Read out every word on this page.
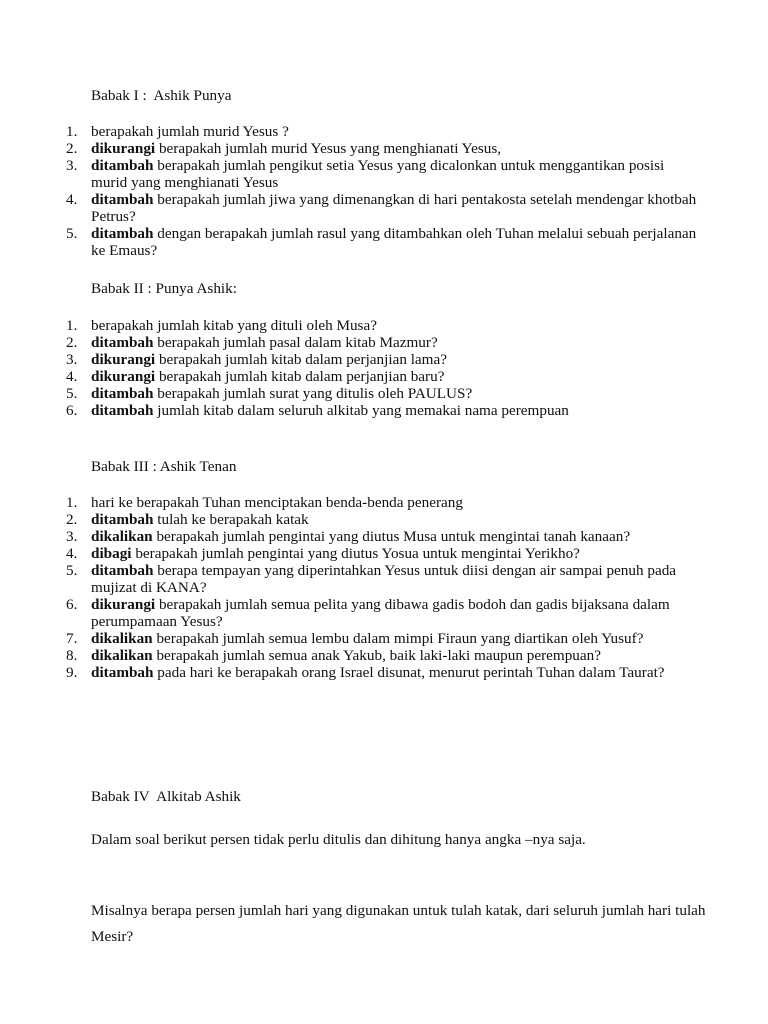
Babak I :  Ashik Punya
1. berapakah jumlah murid Yesus ?
2. dikurangi berapakah jumlah murid Yesus yang menghianati Yesus,
3. ditambah berapakah jumlah pengikut setia Yesus yang dicalonkan untuk menggantikan posisi murid yang menghianati Yesus
4. ditambah berapakah jumlah jiwa yang dimenangkan di hari pentakosta setelah mendengar khotbah Petrus?
5. ditambah dengan berapakah jumlah rasul yang ditambahkan oleh Tuhan melalui sebuah perjalanan ke Emaus?
Babak II : Punya Ashik:
1. berapakah jumlah kitab yang dituli oleh Musa?
2. ditambah berapakah jumlah pasal dalam kitab Mazmur?
3. dikurangi berapakah jumlah kitab dalam perjanjian lama?
4. dikurangi berapakah jumlah kitab dalam perjanjian baru?
5. ditambah berapakah jumlah surat yang ditulis oleh PAULUS?
6. ditambah jumlah kitab dalam seluruh alkitab yang memakai nama perempuan
Babak III : Ashik Tenan
1. hari ke berapakah Tuhan menciptakan benda-benda penerang
2. ditambah tulah ke berapakah katak
3. dikalikan berapakah jumlah pengintai yang diutus Musa untuk mengintai tanah kanaan?
4. dibagi berapakah jumlah pengintai yang diutus Yosua untuk mengintai Yerikho?
5. ditambah berapa tempayan yang diperintahkan Yesus untuk diisi dengan air sampai penuh pada mujizat di KANA?
6. dikurangi berapakah jumlah semua pelita yang dibawa gadis bodoh dan gadis bijaksana dalam perumpamaan Yesus?
7. dikalikan berapakah jumlah semua lembu dalam mimpi Firaun yang diartikan oleh Yusuf?
8. dikalikan berapakah jumlah semua anak Yakub, baik laki-laki maupun perempuan?
9. ditambah pada hari ke berapakah orang Israel disunat, menurut perintah Tuhan dalam Taurat?
Babak IV  Alkitab Ashik

Dalam soal berikut persen tidak perlu ditulis dan dihitung hanya angka –nya saja.

Misalnya berapa persen jumlah hari yang digunakan untuk tulah katak, dari seluruh jumlah hari tulah Mesir?
